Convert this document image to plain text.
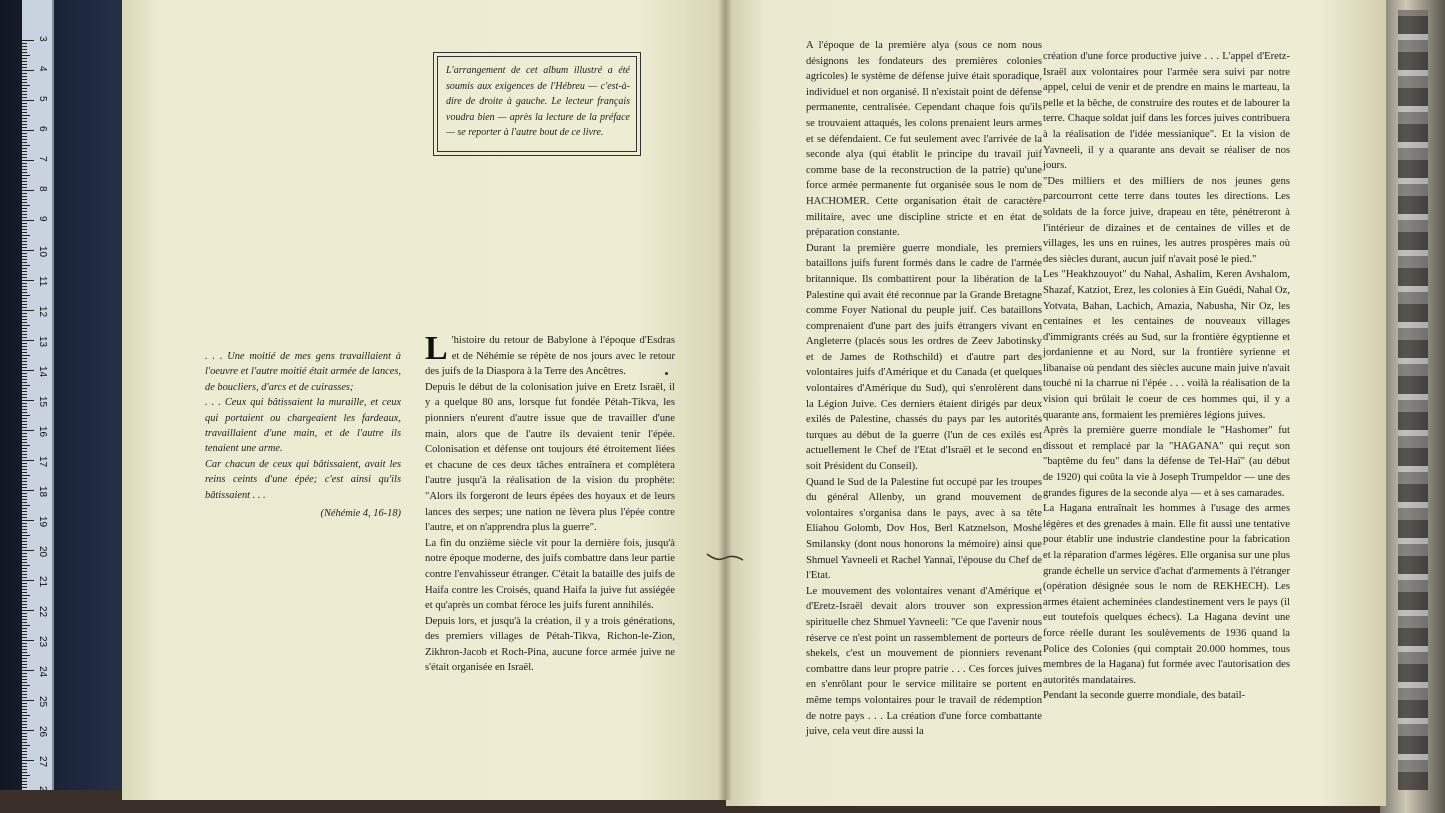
3
4
5
6
7
8
9
10
11
12
13
14
15
16
17
18
19
20
21
22
23
24
25
26
27
L'arrangement de cet album illustré a été soumis aux exigences de l'Hébreu — c'est-à-dire de droite à gauche. Le lecteur français voudra bien — après la lecture de la préface — se reporter à l'autre bout de ce livre.
. . . Une moitié de mes gens travaillaient à l'oeuvre et l'autre moitié était armée de lances, de boucliers, d'arcs et de cuirasses;
. . . Ceux qui bâtissaient la muraille, et ceux qui portaient ou chargeaient les fardeaux, travaillaient d'une main, et de l'autre ils tenaient une arme.
Car chacun de ceux qui bâtissaient, avait les reins ceints d'une épée; c'est ainsi qu'ils bâtissaient . . .
(Néhémie 4, 16-18)

L 'histoire du retour de Babylone à l'époque d'Esdras et de Néhémie se répète de nos jours avec le retour des juifs de la Diaspora à la Terre des Ancêtres.

Depuis le début de la colonisation juive en Eretz Israël, il y a quelque 80 ans, lorsque fut fondée Pétah-Tikva, les pionniers n'eurent d'autre issue que de travailler d'une main, alors que de l'autre ils devaient tenir l'épée. Colonisation et défense ont toujours été étroitement liées et chacune de ces deux tâches entraînera et complètera l'autre jusqu'à la réalisation de la vision du prophète: "Alors ils forgeront de leurs épées des hoyaux et de leurs lances des serpes; une nation ne lèvera plus l'épée contre l'autre, et on n'apprendra plus la guerre".

La fin du onzième siècle vit pour la dernière fois, jusqu'à notre époque moderne, des juifs combattre dans leur partie contre l'envahisseur étranger. C'était la bataille des juifs de Haifa contre les Croisés, quand Haifa la juive fut assiégée et qu'après un combat féroce les juifs furent annihilés.

Depuis lors, et jusqu'à la création, il y a trois générations, des premiers villages de Pétah-Tikva, Richon-le-Zion, Zikhron-Jacob et Roch-Pina, aucune force armée juive ne s'était organisée en Israël.

A l'époque de la première alya (sous ce nom nous désignons les fondateurs des premières colonies agricoles) le système de défense juive était sporadique, individuel et non organisé. Il n'existait point de défense permanente, centralisée. Cependant chaque fois qu'ils se trouvaient attaqués, les colons prenaient leurs armes et se défendaient. Ce fut seulement avec l'arrivée de la seconde alya (qui établit le principe du travail juif comme base de la reconstruction de la patrie) qu'une force armée permanente fut organisée sous le nom de HACHOMER. Cette organisation était de caractère militaire, avec une discipline stricte et en état de préparation constante.

Durant la première guerre mondiale, les premiers bataillons juifs furent formés dans le cadre de l'armée britannique. Ils combattirent pour la libération de la Palestine qui avait été reconnue par la Grande Bretagne comme Foyer National du peuple juif. Ces bataillons comprenaient d'une part des juifs étrangers vivant en Angleterre (placés sous les ordres de Zeev Jabotinsky et de James de Rothschild) et d'autre part des volontaires juifs d'Amérique et du Canada (et quelques volontaires d'Amérique du Sud), qui s'enrolèrent dans la Légion Juive. Ces derniers étaient dirigés par deux exilés de Palestine, chassés du pays par les autorités turques au début de la guerre (l'un de ces exilés est actuellement le Chef de l'Etat d'Israël et le second en soit Président du Conseil).

Quand le Sud de la Palestine fut occupé par les troupes du général Allenby, un grand mouvement de volontaires s'organisa dans le pays, avec à sa tête Eliahou Golomb, Dov Hos, Berl Katznelson, Moshé Smilansky (dont nous honorons la mémoire) ainsi que Shmuel Yavneeli et Rachel Yannaï, l'épouse du Chef de l'Etat.

Le mouvement des volontaires venant d'Amérique et d'Eretz-Israël devait alors trouver son expression spirituelle chez Shmuel Yavneeli: "Ce que l'avenir nous réserve ce n'est point un rassemblement de porteurs de shekels, c'est un mouvement de pionniers revenant combattre dans leur propre patrie . . . Ces forces juives en s'enrôlant pour le service militaire se portent en même temps volontaires pour le travail de rédemption de notre pays . . . La création d'une force combattante juive, cela veut dire aussi la

création d'une force productive juive . . . L'appel d'Eretz-Israël aux volontaires pour l'armée sera suivi par notre appel, celui de venir et de prendre en mains le marteau, la pelle et la bêche, de construire des routes et de labourer la terre. Chaque soldat juif dans les forces juives contribuera à la réalisation de l'idée messianique". Et la vision de Yavneeli, il y a quarante ans devait se réaliser de nos jours.

"Des milliers et des milliers de nos jeunes gens parcourront cette terre dans toutes les directions. Les soldats de la force juive, drapeau en tête, pénétreront à l'intérieur de dizaines et de centaines de villes et de villages, les uns en ruines, les autres prospères mais où des siècles durant, aucun juif n'avait posé le pied."

Les "Heakhzouyot" du Nahal, Ashalim, Keren Avshalom, Shazaf, Katziot, Erez, les colonies à Ein Guédi, Nahal Oz, Yotvata, Bahan, Lachich, Amazia, Nabusha, Nir Oz, les centaines et les centaines de nouveaux villages d'immigrants créés au Sud, sur la frontière égyptienne et jordanienne et au Nord, sur la frontière syrienne et libanaise où pendant des siècles aucune main juive n'avait touché ni la charrue ni l'épée . . . voilà la réalisation de la vision qui brûlait le coeur de ces hommes qui, il y a quarante ans, formaient les premières légions juives.

Après la première guerre mondiale le "Hashomer" fut dissout et remplacé par la "HAGANA" qui reçut son "baptême du feu" dans la défense de Tel-Haï" (au début de 1920) qui coûta la vie à Joseph Trumpeldor — une des grandes figures de la seconde alya — et à ses camarades.

La Hagana entraînait les hommes à l'usage des armes légères et des grenades à main. Elle fit aussi une tentative pour établir une industrie clandestine pour la fabrication et la réparation d'armes légères. Elle organisa sur une plus grande échelle un service d'achat d'armements à l'étranger (opération désignée sous le nom de REKHECH). Les armes étaient acheminées clandestinement vers le pays (il eut toutefois quelques échecs). La Hagana devint une force réelle durant les soulèvements de 1936 quand la Police des Colonies (qui comptait 20.000 hommes, tous membres de la Hagana) fut formée avec l'autorisation des autorités mandataires.

Pendant la seconde guerre mondiale, des batail-
